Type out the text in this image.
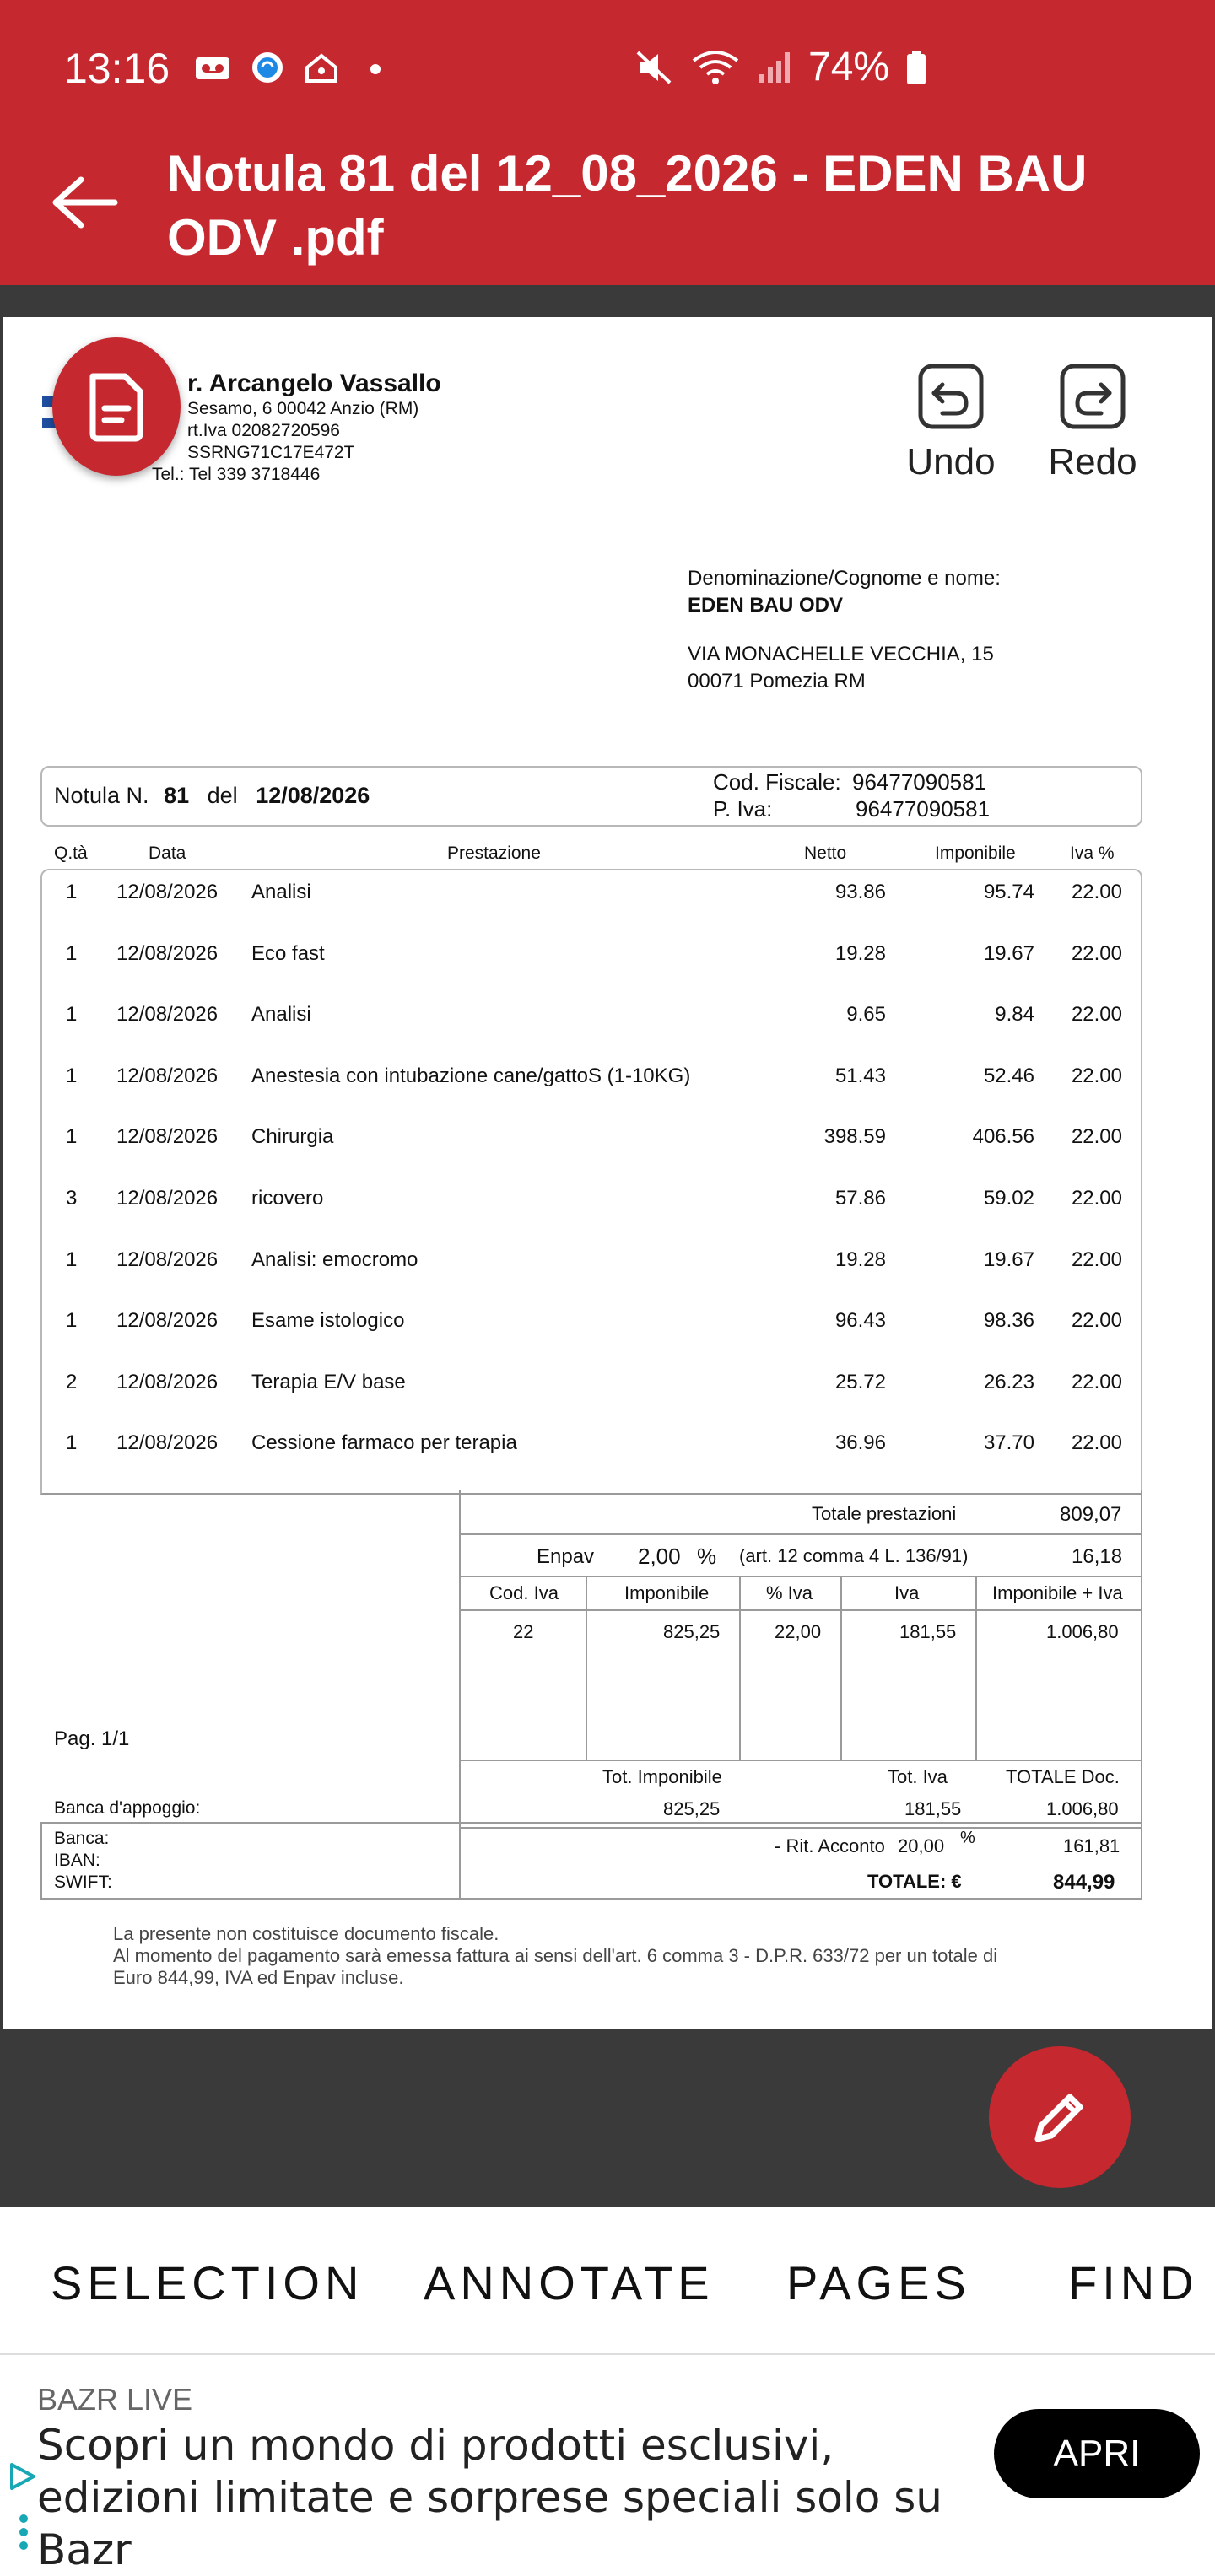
13:16	74%
Notula 81 del 12_08_2026 - EDEN BAU ODV .pdf
r. Arcangelo Vassallo
Sesamo, 6 00042 Anzio (RM)
rt.Iva 02082720596
SSRNG71C17E472T
Tel.: Tel 339 3718446	Undo Redo
Denominazione/Cognome e nome:
EDEN BAU ODV
VIA MONACHELLE VECCHIA, 15
00071 Pomezia RM
Notula N. 81 del 12/08/2026
Cod. Fiscale: 96477090581
P. Iva:	96477090581
Q.tà	Data	Prestazione	Netto	Imponibile	Iva %
1	12/08/2026	Analisi	93.86	95.74	22.00
1	12/08/2026	Eco fast	19.28	19.67	22.00
1	12/08/2026	Analisi	9.65	9.84	22.00
1	12/08/2026	Anestesia con intubazione cane/gattoS (1-10KG)	51.43	52.46	22.00
1	12/08/2026	Chirurgia	398.59	406.56	22.00
3	12/08/2026	ricovero	57.86	59.02	22.00
1	12/08/2026	Analisi: emocromo	19.28	19.67	22.00
1	12/08/2026	Esame istologico	96.43	98.36	22.00
2	12/08/2026	Terapia E/V base	25.72	26.23	22.00
1	12/08/2026	Cessione farmaco per terapia	36.96	37.70	22.00
Totale prestazioni	809,07
Enpav 2,00 % (art. 12 comma 4 L. 136/91)	16,18
Cod. Iva	Imponibile	% Iva	Iva	Imponibile + Iva
22	825,25	22,00	181,55	1.006,80
Pag. 1/1
Tot. Imponibile	Tot. Iva	TOTALE Doc.
Banca d'appoggio:	825,25	181,55	1.006,80
Banca:
IBAN:
SWIFT:
- Rit. Acconto 20,00 %	161,81
TOTALE: €	844,99
La presente non costituisce documento fiscale.
Al momento del pagamento sarà emessa fattura ai sensi dell'art. 6 comma 3 - D.P.R. 633/72 per un totale di
Euro 844,99, IVA ed Enpav incluse.
SELECTION ANNOTATE PAGES FIND
BAZR LIVE
Scopri un mondo di prodotti esclusivi, edizioni limitate e sorprese speciali solo su Bazr
APRI
